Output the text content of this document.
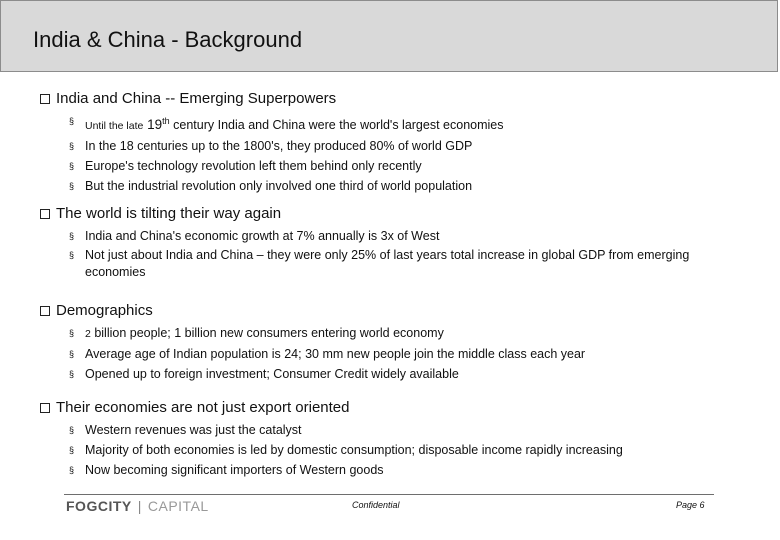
India & China - Background
India and China -- Emerging Superpowers
§ Until the late 19th century India and China were the world's largest economies
§ In the 18 centuries up to the 1800's, they produced 80% of world GDP
§ Europe's technology revolution left them behind only recently
§ But the industrial revolution only involved one third of world population
The world is tilting their way again
§ India and China's economic growth at 7% annually is 3x of West
§ Not just about India and China – they were only 25% of last years total increase in global GDP from emerging economies
Demographics
§ 2 billion people; 1 billion new consumers entering world economy
§ Average age of Indian population is 24; 30 mm new people join the middle class each year
§ Opened up to foreign investment; Consumer Credit widely available
Their economies are not just export oriented
§ Western revenues was just the catalyst
§ Majority of both economies is led by domestic consumption; disposable income rapidly increasing
§ Now becoming significant importers of Western goods
FOGCITY | CAPITAL	Confidential	Page 6
